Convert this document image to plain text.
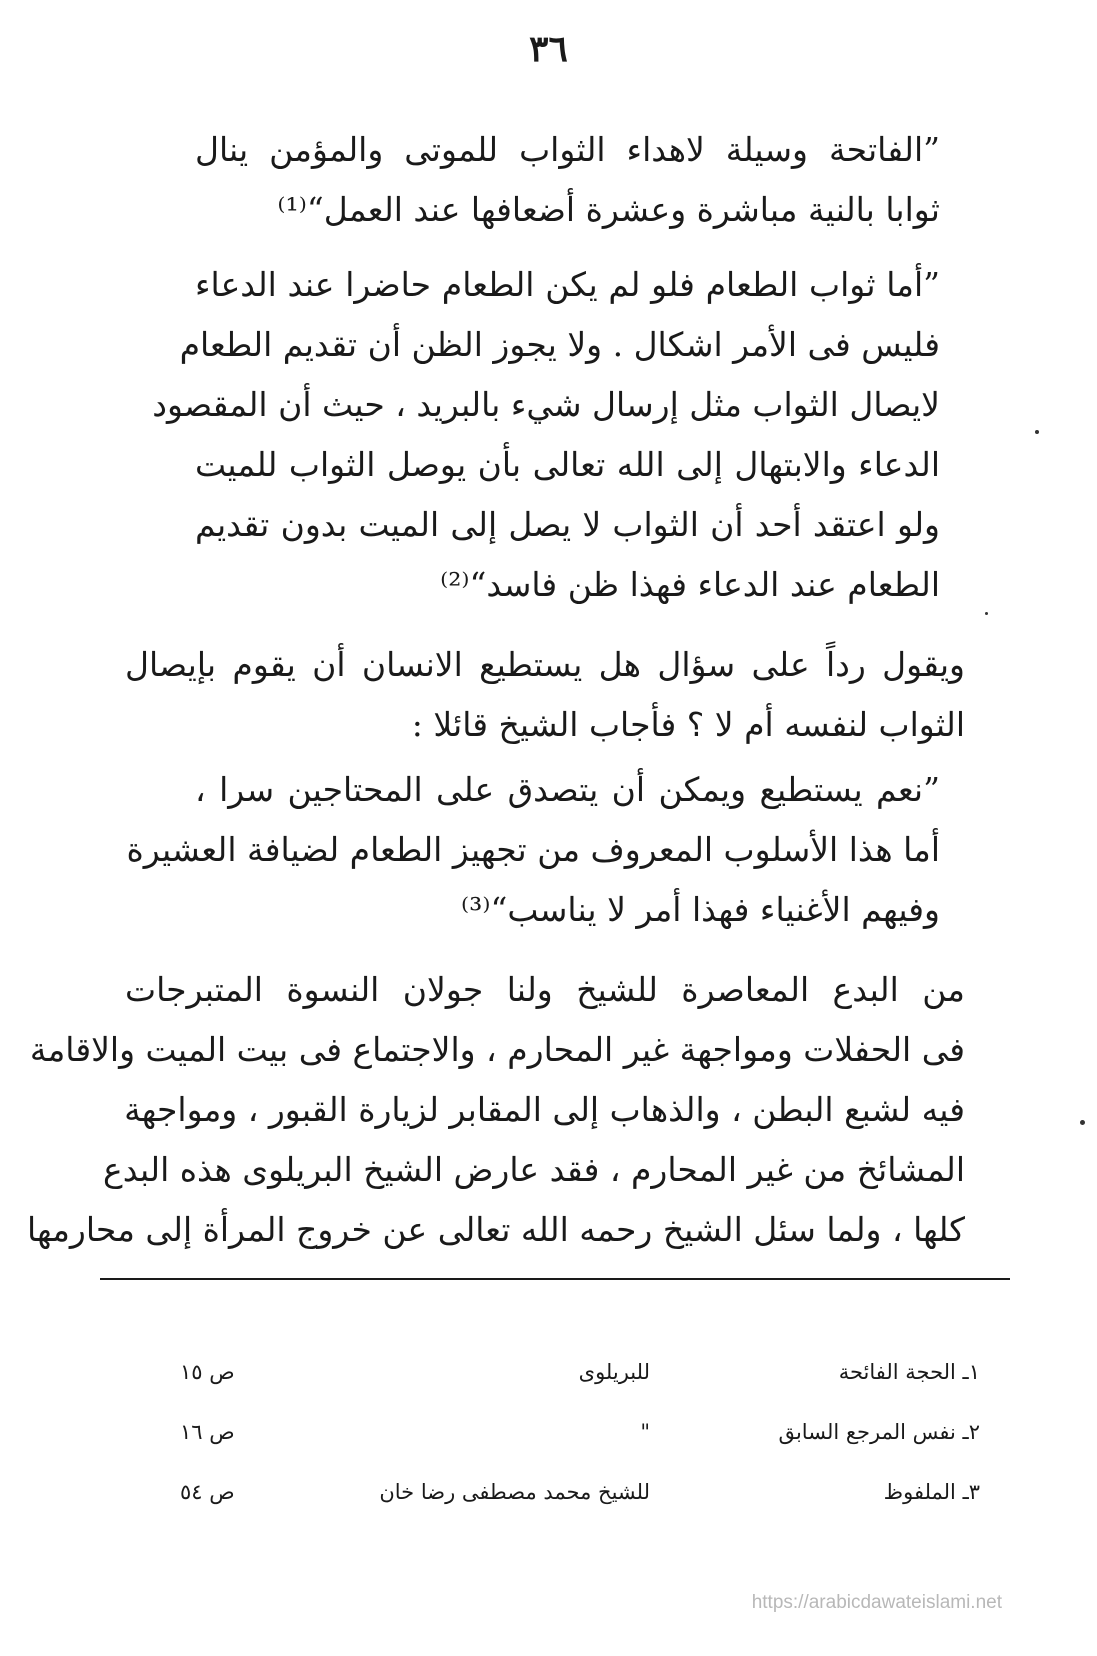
٣٦
”الفاتحة وسيلة لاهداء الثواب للموتى والمؤمن ينال
ثوابا بالنية مباشرة وعشرة أضعافها عند العمل“⁽¹⁾
”أما ثواب الطعام فلو لم يكن الطعام حاضرا عند الدعاء
فليس فى الأمر اشكال . ولا يجوز الظن أن تقديم الطعام
لايصال الثواب مثل إرسال شيء بالبريد ، حيث أن المقصود
الدعاء والابتهال إلى الله تعالى بأن يوصل الثواب للميت
ولو اعتقد أحد أن الثواب لا يصل إلى الميت بدون تقديم
الطعام عند الدعاء فهذا ظن فاسد“⁽²⁾
ويقول رداً على سؤال هل يستطيع الانسان أن يقوم بإيصال
الثواب لنفسه أم لا ؟ فأجاب الشيخ قائلا :
”نعم يستطيع ويمكن أن يتصدق على المحتاجين سرا ،
أما هذا الأسلوب المعروف من تجهيز الطعام لضيافة العشيرة
وفيهم الأغنياء فهذا أمر لا يناسب“⁽³⁾
من البدع المعاصرة للشيخ ولنا جولان النسوة المتبرجات
فى الحفلات ومواجهة غير المحارم ، والاجتماع فى بيت الميت والاقامة
فيه لشبع البطن ، والذهاب إلى المقابر لزيارة القبور ، ومواجهة
المشائخ من غير المحارم ، فقد عارض الشيخ البريلوى هذه البدع
كلها ، ولما سئل الشيخ رحمه الله تعالى عن خروج المرأة إلى محارمها
١ـ الحجة الفائحة
للبريلوى
ص ١٥
٢ـ نفس المرجع السابق
"
ص ١٦
٣ـ الملفوظ
للشيخ محمد مصطفى رضا خان
ص ٥٤
https://arabicdawateislami.net
